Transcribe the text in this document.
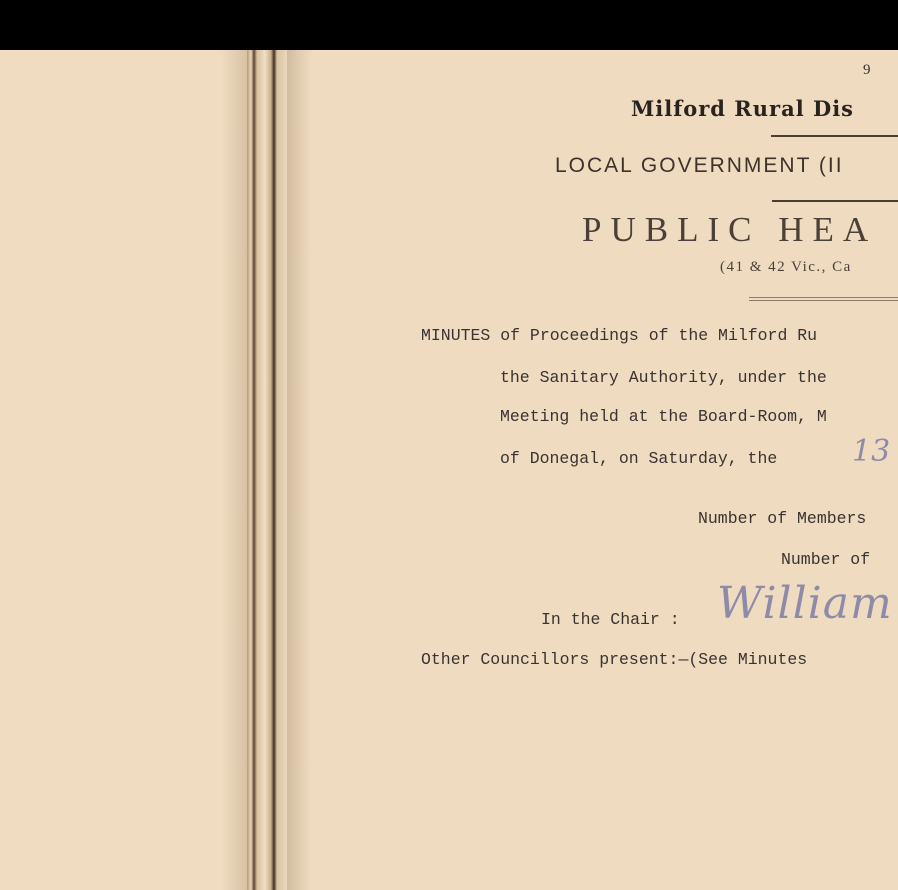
9
Milford Rural Dis
LOCAL GOVERNMENT (II
PUBLIC HEA
(41 & 42 Vic., Ca
MINUTES of Proceedings of the Milford Ru
the Sanitary Authority, under the
Meeting held at the Board-Room, M
of Donegal, on Saturday, the 13
Number of Members
Number of
In the Chair : William
Other Councillors present:—(See Minutes
